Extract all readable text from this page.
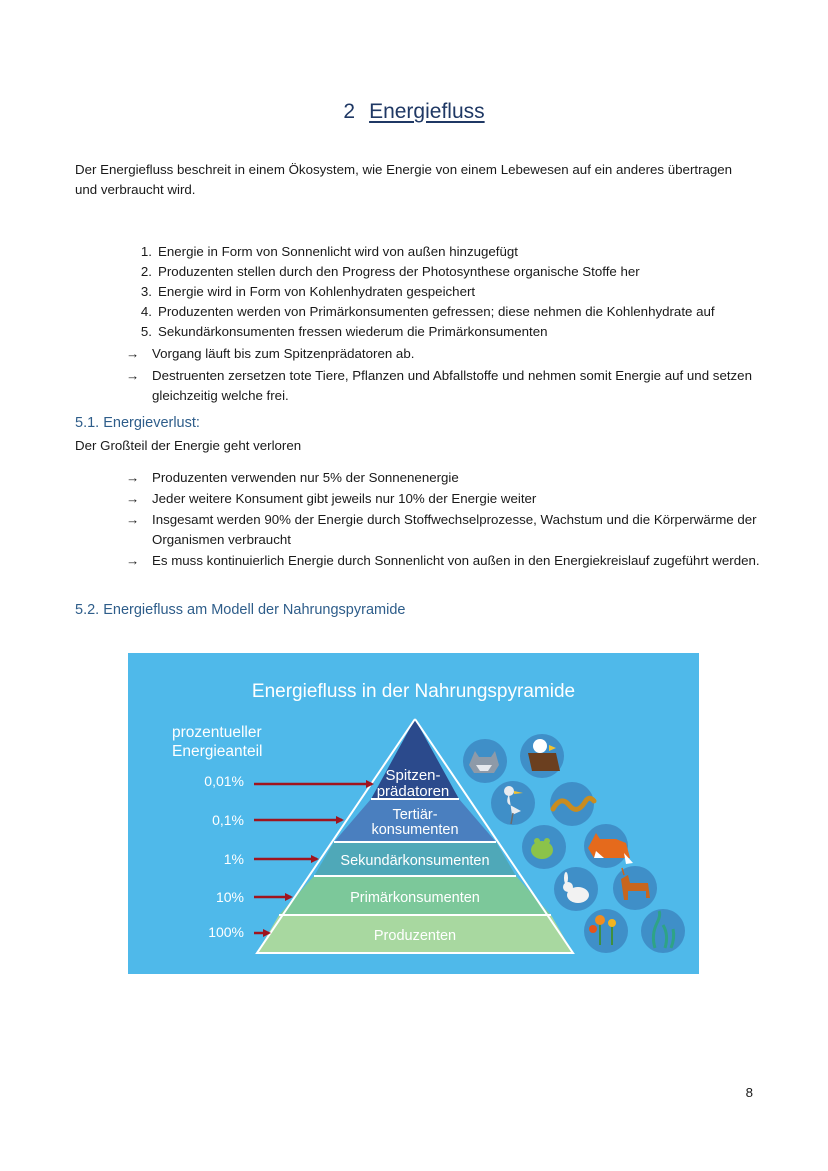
2 Energiefluss
Der Energiefluss beschreit in einem Ökosystem, wie Energie von einem Lebewesen auf ein anderes übertragen und verbraucht wird.
1. Energie in Form von Sonnenlicht wird von außen hinzugefügt
2. Produzenten stellen durch den Progress der Photosynthese organische Stoffe her
3. Energie wird in Form von Kohlenhydraten gespeichert
4. Produzenten werden von Primärkonsumenten gefressen; diese nehmen die Kohlenhydrate auf
5. Sekundärkonsumenten fressen wiederum die Primärkonsumenten
→ Vorgang läuft bis zum Spitzenprädatoren ab.
→ Destruenten zersetzen tote Tiere, Pflanzen und Abfallstoffe und nehmen somit Energie auf und setzen gleichzeitig welche frei.
5.1. Energieverlust:
Der Großteil der Energie geht verloren
→ Produzenten verwenden nur 5% der Sonnenenergie
→ Jeder weitere Konsument gibt jeweils nur 10% der Energie weiter
→ Insgesamt werden 90% der Energie durch Stoffwechselprozesse, Wachstum und die Körperwärme der Organismen verbraucht
→ Es muss kontinuierlich Energie durch Sonnenlicht von außen in den Energiekreislauf zugeführt werden.
5.2. Energiefluss am Modell der Nahrungspyramide
Energiefluss in der Nahrungspyramide
prozentueller
Energieanteil
0,01%
0,1%
1%
10%
100%
Spitzen-
prädatoren
Tertiär-
konsumenten
Sekundärkonsumenten
Primärkonsumenten
Produzenten
8
